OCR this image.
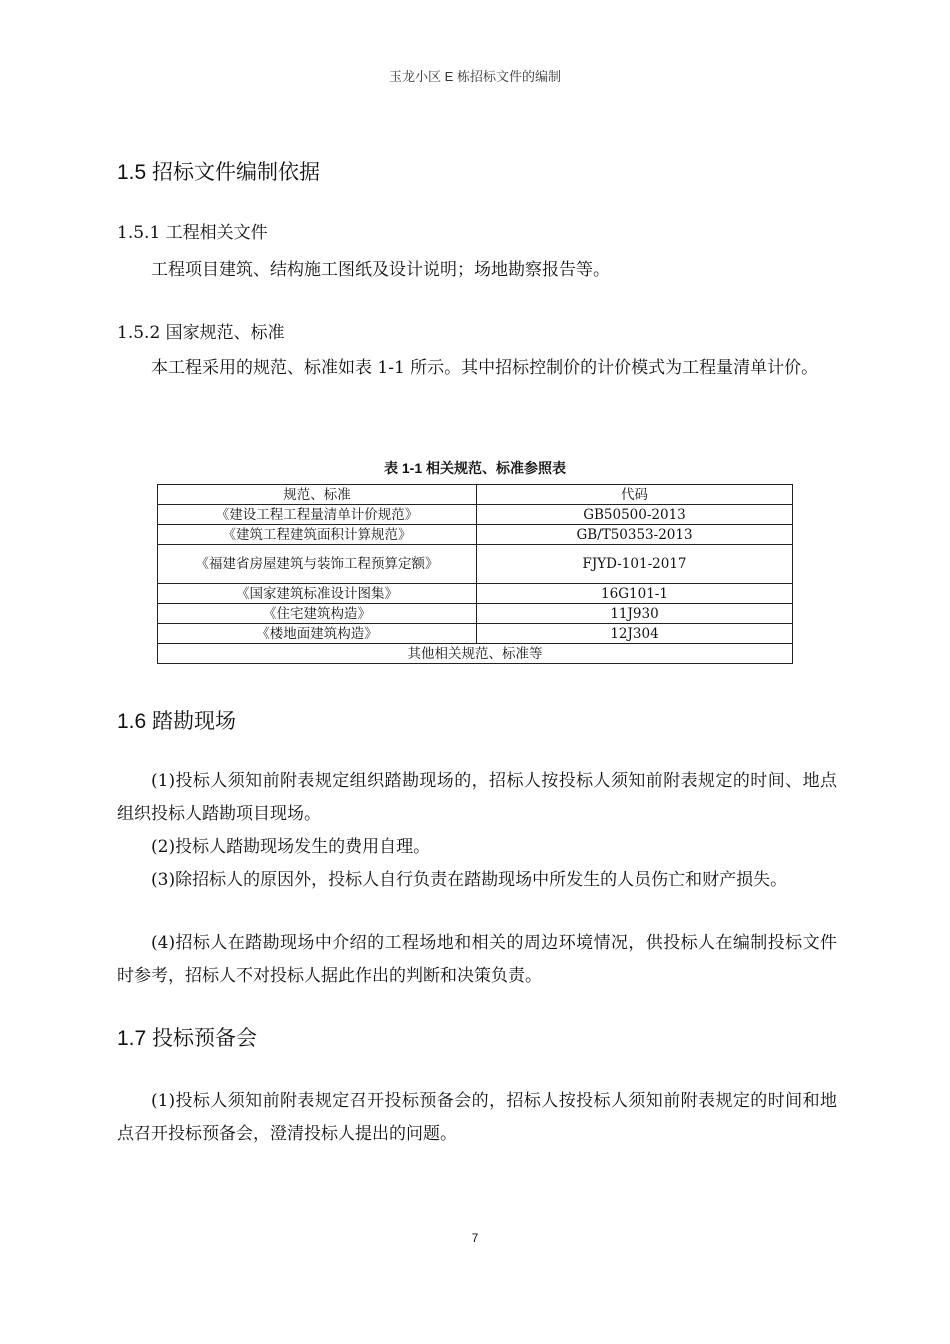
玉龙小区 E 栋招标文件的编制
1.5 招标文件编制依据
1.5.1 工程相关文件
工程项目建筑、结构施工图纸及设计说明；场地勘察报告等。
1.5.2 国家规范、标准
本工程采用的规范、标准如表 1-1 所示。其中招标控制价的计价模式为工程量清单计价。
表 1-1 相关规范、标准参照表
规范、标准	代码
《建设工程工程量清单计价规范》	GB50500-2013
《建筑工程建筑面积计算规范》	GB/T50353-2013
《福建省房屋建筑与装饰工程预算定额》	FJYD-101-2017
《国家建筑标准设计图集》	16G101-1
《住宅建筑构造》	11J930
《楼地面建筑构造》	12J304
其他相关规范、标准等	
1.6 踏勘现场
(1)投标人须知前附表规定组织踏勘现场的，招标人按投标人须知前附表规定的时间、地点组织投标人踏勘项目现场。
(2)投标人踏勘现场发生的费用自理。
(3)除招标人的原因外，投标人自行负责在踏勘现场中所发生的人员伤亡和财产损失。
(4)招标人在踏勘现场中介绍的工程场地和相关的周边环境情况，供投标人在编制投标文件时参考，招标人不对投标人据此作出的判断和决策负责。
1.7 投标预备会
(1)投标人须知前附表规定召开投标预备会的，招标人按投标人须知前附表规定的时间和地点召开投标预备会，澄清投标人提出的问题。
7
